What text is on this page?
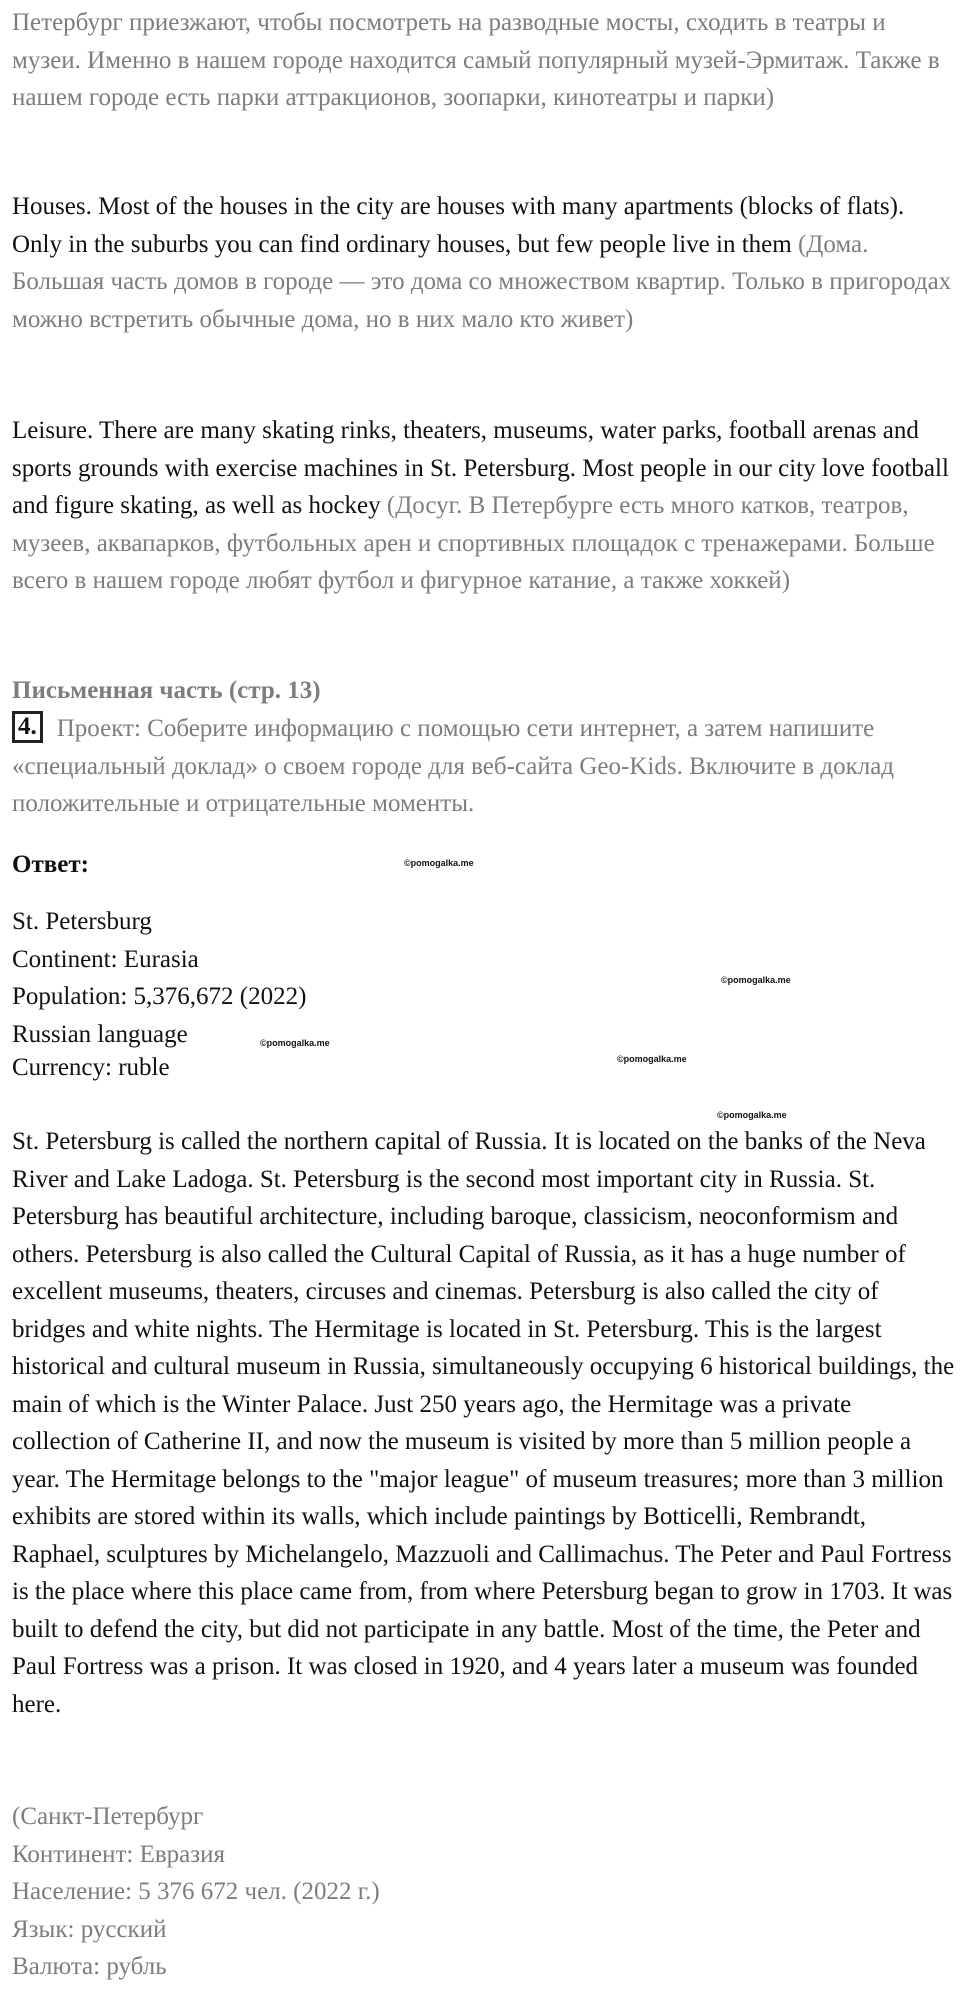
Петербург приезжают, чтобы посмотреть на разводные мосты, сходить в театры и музеи. Именно в нашем городе находится самый популярный музей-Эрмитаж. Также в нашем городе есть парки аттракционов, зоопарки, кинотеатры и парки)

Houses. Most of the houses in the city are houses with many apartments (blocks of flats). Only in the suburbs you can find ordinary houses, but few people live in them (Дома. Большая часть домов в городе — это дома со множеством квартир. Только в пригородах можно встретить обычные дома, но в них мало кто живет)

Leisure. There are many skating rinks, theaters, museums, water parks, football arenas and sports grounds with exercise machines in St. Petersburg. Most people in our city love football and figure skating, as well as hockey (Досуг. В Петербурге есть много катков, театров, музеев, аквапарков, футбольных арен и спортивных площадок с тренажерами. Больше всего в нашем городе любят футбол и фигурное катание, а также хоккей)

Письменная часть (стр. 13)

4. Проект: Соберите информацию с помощью сети интернет, а затем напишите «специальный доклад» о своем городе для веб-сайта Geo-Kids. Включите в доклад положительные и отрицательные моменты.

Ответ:
St. Petersburg
Continent: Eurasia
Population: 5,376,672 (2022)
Russian language
Currency: ruble

St. Petersburg is called the northern capital of Russia. It is located on the banks of the Neva River and Lake Ladoga. St. Petersburg is the second most important city in Russia. St. Petersburg has beautiful architecture, including baroque, classicism, neoconformism and others. Petersburg is also called the Cultural Capital of Russia, as it has a huge number of excellent museums, theaters, circuses and cinemas. Petersburg is also called the city of bridges and white nights. The Hermitage is located in St. Petersburg. This is the largest historical and cultural museum in Russia, simultaneously occupying 6 historical buildings, the main of which is the Winter Palace. Just 250 years ago, the Hermitage was a private collection of Catherine II, and now the museum is visited by more than 5 million people a year. The Hermitage belongs to the "major league" of museum treasures; more than 3 million exhibits are stored within its walls, which include paintings by Botticelli, Rembrandt, Raphael, sculptures by Michelangelo, Mazzuoli and Callimachus. The Peter and Paul Fortress is the place where this place came from, from where Petersburg began to grow in 1703. It was built to defend the city, but did not participate in any battle. Most of the time, the Peter and Paul Fortress was a prison. It was closed in 1920, and 4 years later a museum was founded here.

(Санкт-Петербург
Континент: Евразия
Население: 5 376 672 чел. (2022 г.)
Язык: русский
Валюта: рубль
©pomogalka.me
©pomogalka.me
©pomogalka.me
©pomogalka.me
©pomogalka.me
